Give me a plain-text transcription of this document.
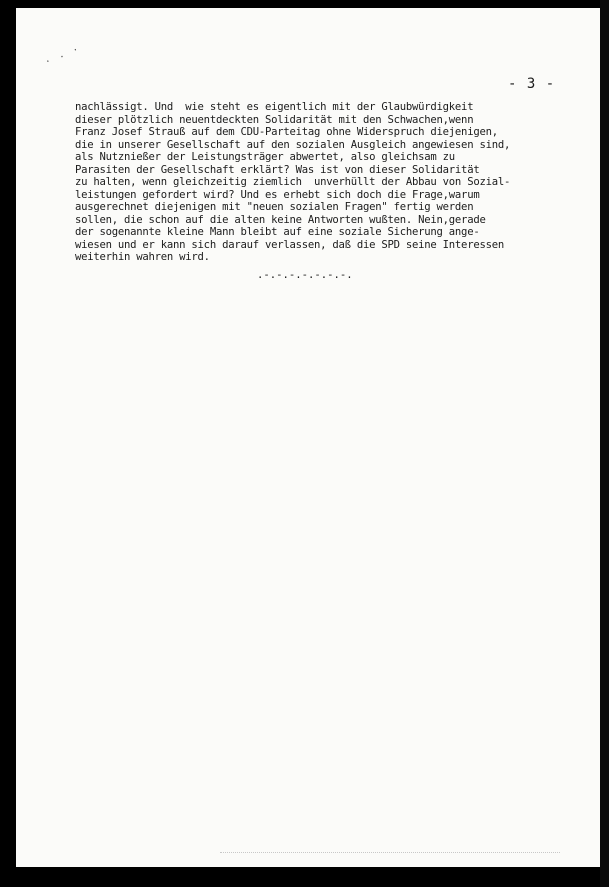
. . ·
- 3 -
nachlässigt. Und  wie steht es eigentlich mit der Glaubwürdigkeit
dieser plötzlich neuentdeckten Solidarität mit den Schwachen,wenn
Franz Josef Strauß auf dem CDU-Parteitag ohne Widerspruch diejenigen,
die in unserer Gesellschaft auf den sozialen Ausgleich angewiesen sind,
als Nutznießer der Leistungsträger abwertet, also gleichsam zu
Parasiten der Gesellschaft erklärt? Was ist von dieser Solidarität
zu halten, wenn gleichzeitig ziemlich  unverhüllt der Abbau von Sozial-
leistungen gefordert wird? Und es erhebt sich doch die Frage,warum
ausgerechnet diejenigen mit "neuen sozialen Fragen" fertig werden
sollen, die schon auf die alten keine Antworten wußten. Nein,gerade
der sogenannte kleine Mann bleibt auf eine soziale Sicherung ange-
wiesen und er kann sich darauf verlassen, daß die SPD seine Interessen
weiterhin wahren wird.
.-.-.-.-.-.-.-.
